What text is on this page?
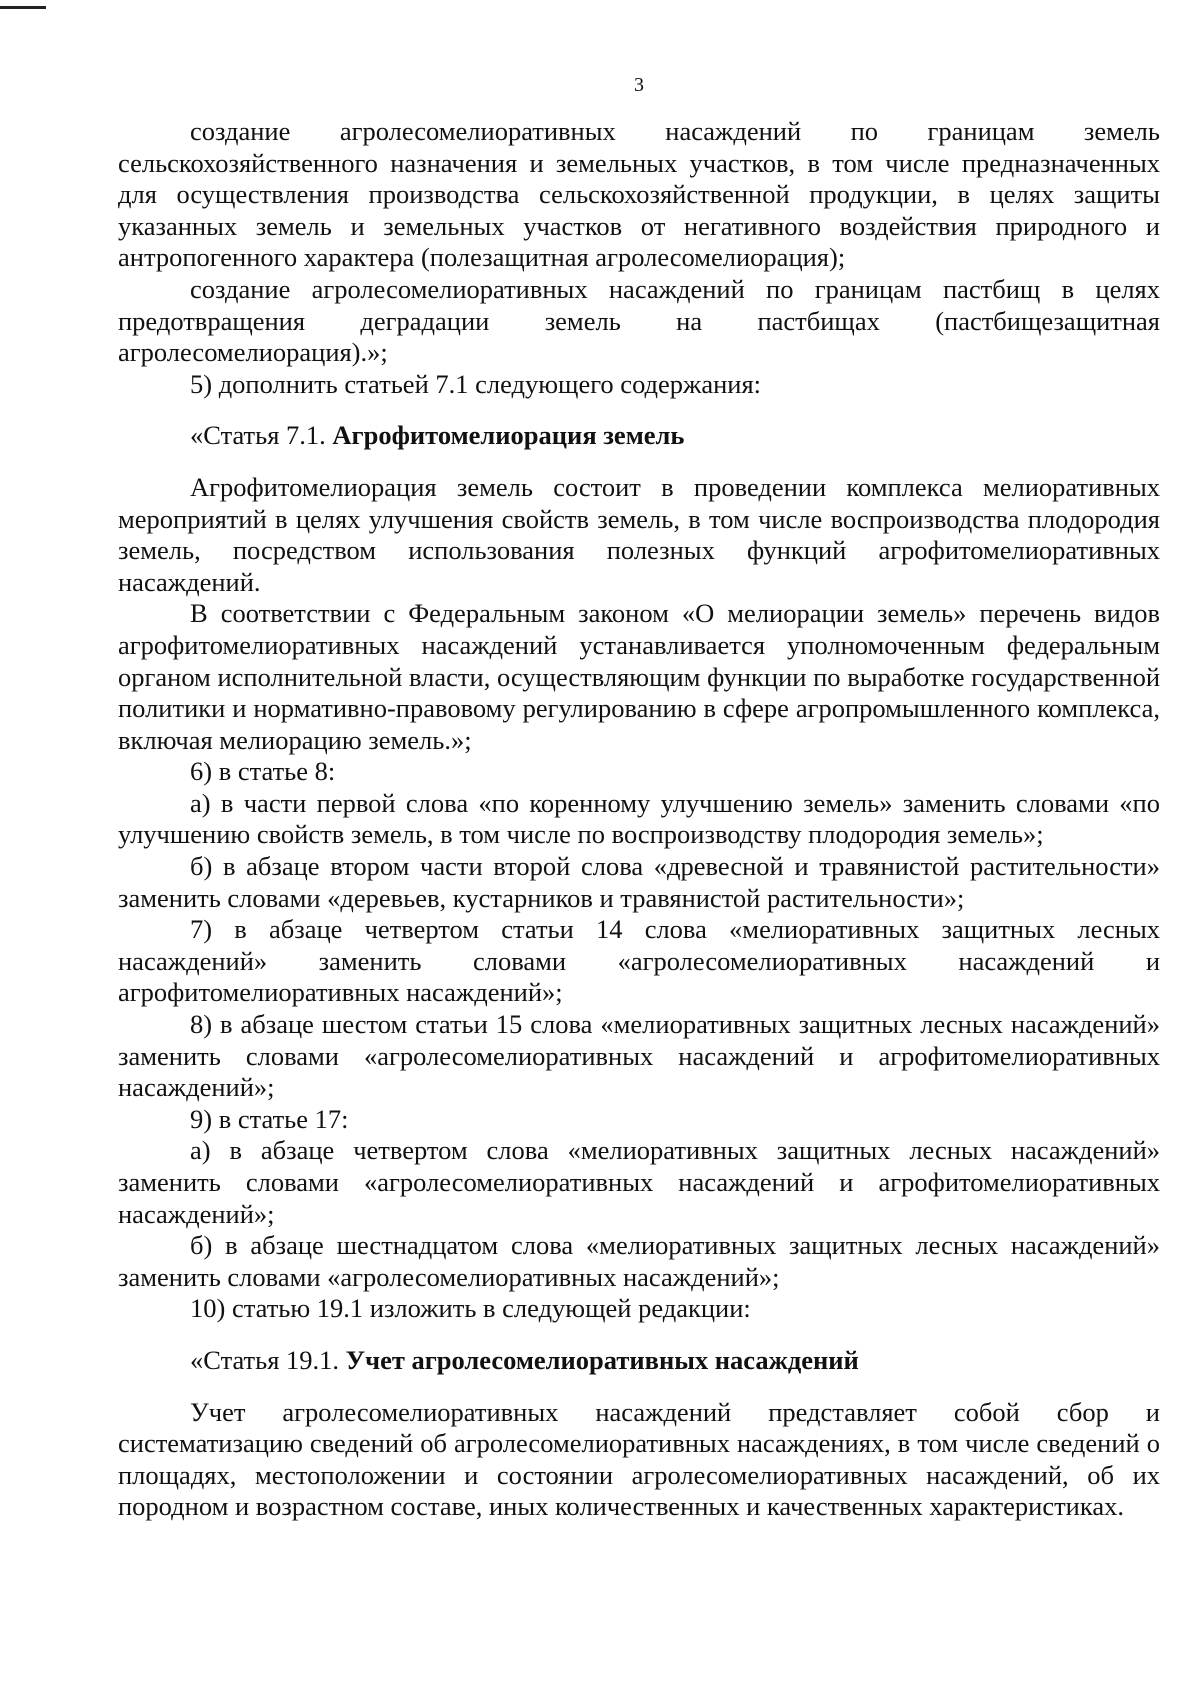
3

создание агролесомелиоративных насаждений по границам земель сельскохозяйственного назначения и земельных участков, в том числе предназначенных для осуществления производства сельскохозяйственной продукции, в целях защиты указанных земель и земельных участков от негативного воздействия природного и антропогенного характера (полезащитная агролесомелиорация);

создание агролесомелиоративных насаждений по границам пастбищ в целях предотвращения деградации земель на пастбищах (пастбищезащитная агролесомелиорация).»;

5) дополнить статьей 7.1 следующего содержания:

«Статья 7.1. Агрофитомелиорация земель

Агрофитомелиорация земель состоит в проведении комплекса мелиоративных мероприятий в целях улучшения свойств земель, в том числе воспроизводства плодородия земель, посредством использования полезных функций агрофитомелиоративных насаждений.

В соответствии с Федеральным законом «О мелиорации земель» перечень видов агрофитомелиоративных насаждений устанавливается уполномоченным федеральным органом исполнительной власти, осуществляющим функции по выработке государственной политики и нормативно-правовому регулированию в сфере агропромышленного комплекса, включая мелиорацию земель.»;

6) в статье 8:

а) в части первой слова «по коренному улучшению земель» заменить словами «по улучшению свойств земель, в том числе по воспроизводству плодородия земель»;

б) в абзаце втором части второй слова «древесной и травянистой растительности» заменить словами «деревьев, кустарников и травянистой растительности»;

7) в абзаце четвертом статьи 14 слова «мелиоративных защитных лесных насаждений» заменить словами «агролесомелиоративных насаждений и агрофитомелиоративных насаждений»;

8) в абзаце шестом статьи 15 слова «мелиоративных защитных лесных насаждений» заменить словами «агролесомелиоративных насаждений и агрофитомелиоративных насаждений»;

9) в статье 17:

а) в абзаце четвертом слова «мелиоративных защитных лесных насаждений» заменить словами «агролесомелиоративных насаждений и агрофитомелиоративных насаждений»;

б) в абзаце шестнадцатом слова «мелиоративных защитных лесных насаждений» заменить словами «агролесомелиоративных насаждений»;

10) статью 19.1 изложить в следующей редакции:

«Статья 19.1. Учет агролесомелиоративных насаждений

Учет агролесомелиоративных насаждений представляет собой сбор и систематизацию сведений об агролесомелиоративных насаждениях, в том числе сведений о площадях, местоположении и состоянии агролесомелиоративных насаждений, об их породном и возрастном составе, иных количественных и качественных характеристиках.
